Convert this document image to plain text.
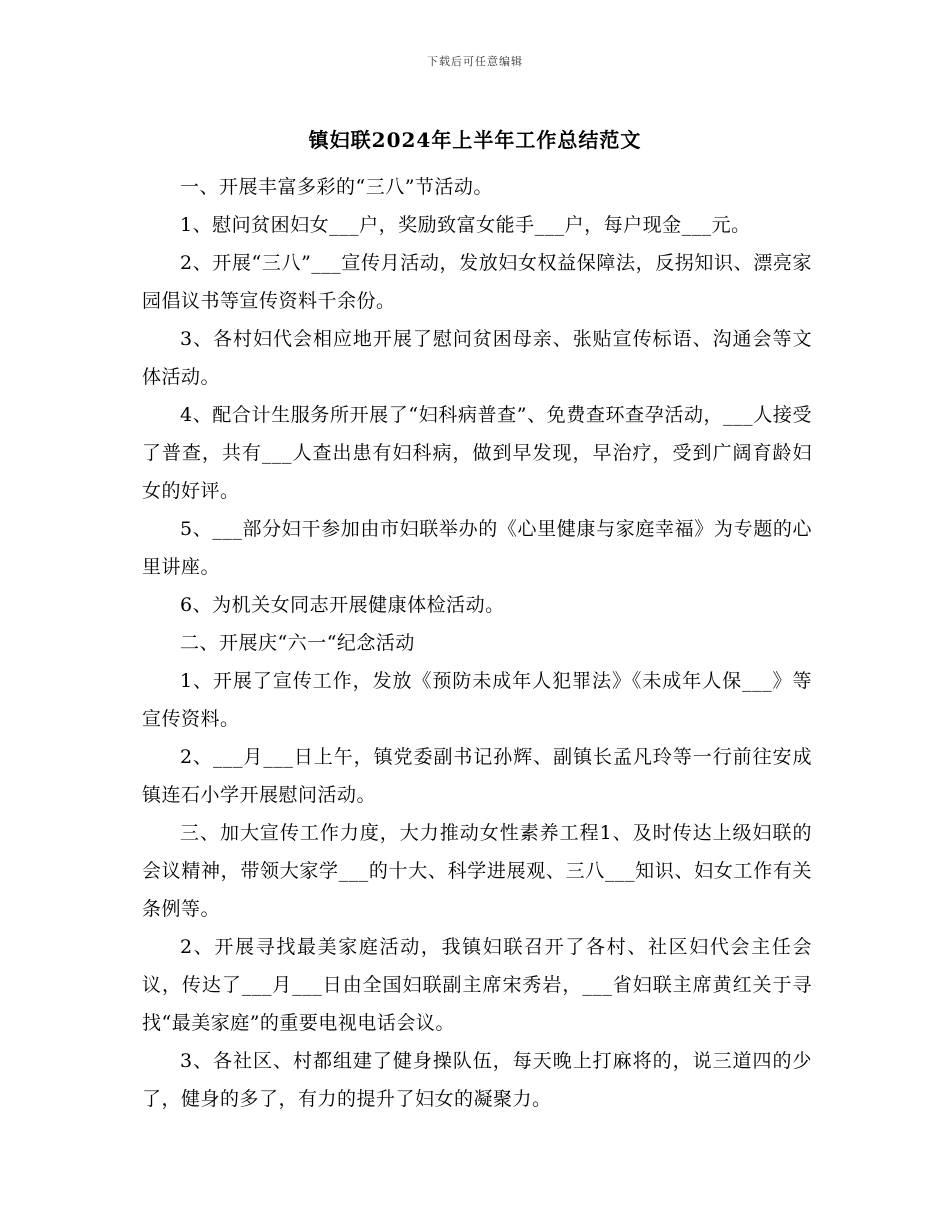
下载后可任意编辑
镇妇联2024年上半年工作总结范文

一、开展丰富多彩的“三八”节活动。

1、慰问贫困妇女___户，奖励致富女能手___户，每户现金___元。

2、开展“三八”___宣传月活动，发放妇女权益保障法，反拐知识、漂亮家园倡议书等宣传资料千余份。

3、各村妇代会相应地开展了慰问贫困母亲、张贴宣传标语、沟通会等文体活动。

4、配合计生服务所开展了“妇科病普查”、免费查环查孕活动，___人接受了普查，共有___人查出患有妇科病，做到早发现，早治疗，受到广阔育龄妇女的好评。

5、___部分妇干参加由市妇联举办的《心里健康与家庭幸福》为专题的心里讲座。

6、为机关女同志开展健康体检活动。

二、开展庆“六一“纪念活动

1、开展了宣传工作，发放《预防未成年人犯罪法》《未成年人保___》等宣传资料。

2、___月___日上午，镇党委副书记孙辉、副镇长孟凡玲等一行前往安成镇连石小学开展慰问活动。

三、加大宣传工作力度，大力推动女性素养工程1、及时传达上级妇联的会议精神，带领大家学___的十大、科学进展观、三八___知识、妇女工作有关条例等。

2、开展寻找最美家庭活动，我镇妇联召开了各村、社区妇代会主任会议，传达了___月___日由全国妇联副主席宋秀岩，___省妇联主席黄红关于寻找“最美家庭”的重要电视电话会议。

3、各社区、村都组建了健身操队伍，每天晚上打麻将的，说三道四的少了，健身的多了，有力的提升了妇女的凝聚力。
